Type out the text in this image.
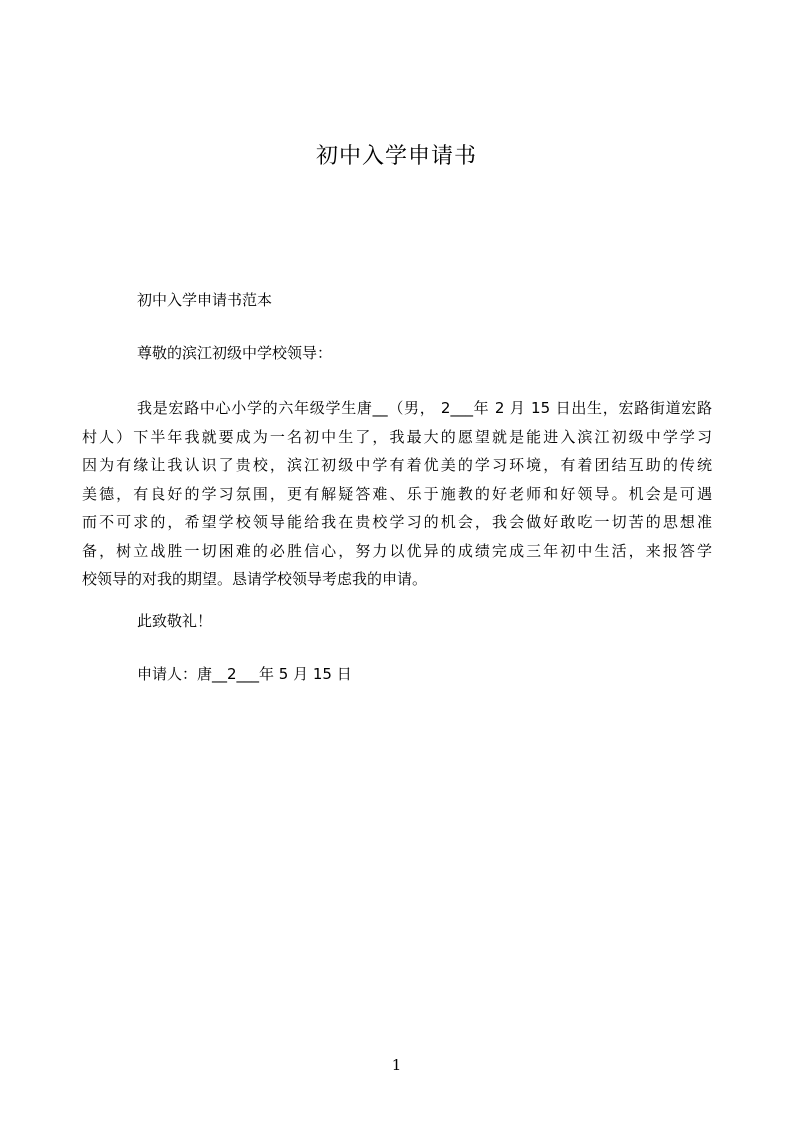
初中入学申请书
初中入学申请书范本
尊敬的滨江初级中学校领导：
我是宏路中心小学的六年级学生唐__（男， 2___年 2 月 15 日出生，宏路街道宏路
村人）下半年我就要成为一名初中生了，我最大的愿望就是能进入滨江初级中学学习
因为有缘让我认识了贵校，滨江初级中学有着优美的学习环境，有着团结互助的传统
美德，有良好的学习氛围，更有解疑答难、乐于施教的好老师和好领导。机会是可遇
而不可求的，希望学校领导能给我在贵校学习的机会，我会做好敢吃一切苦的思想准
备，树立战胜一切困难的必胜信心，努力以优异的成绩完成三年初中生活，来报答学
校领导的对我的期望。恳请学校领导考虑我的申请。
此致敬礼！
申请人：唐__2___年 5 月 15 日
1
